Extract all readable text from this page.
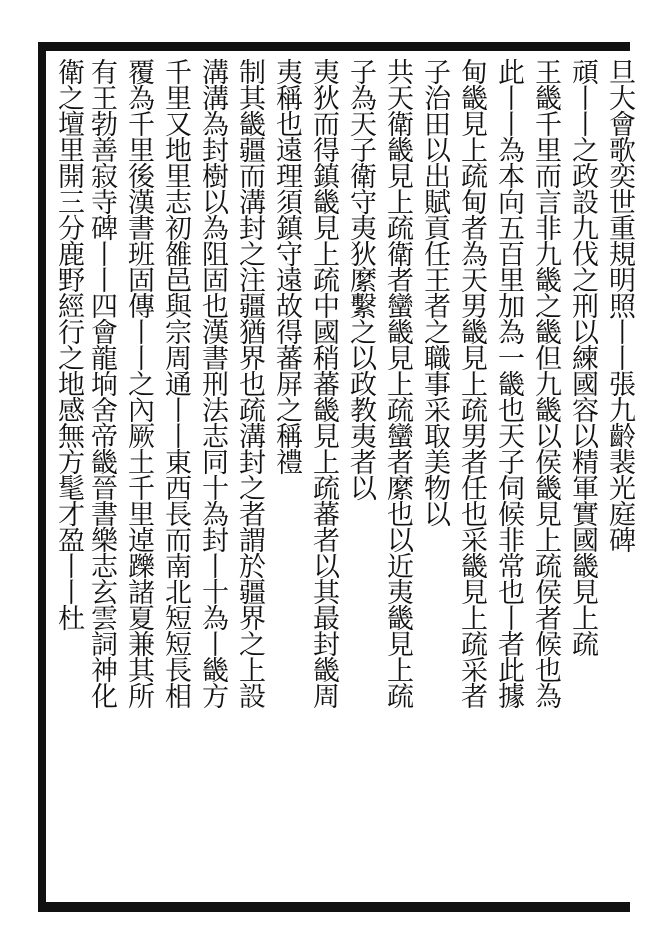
旦大會歌奕世重規明照丨丨張九齡裴光庭碑
頑丨丨之政設九伐之刑以練國容以精軍實國畿見上疏
王畿千里而言非九畿之畿但九畿以侯畿見上疏侯者候也為
此丨丨為本向五百里加為一畿也天子伺候非常也丨者此據
甸畿見上疏甸者為天男畿見上疏男者任也采畿見上疏采者
子治田以出賦貢任王者之職事采取美物以
共天衛畿見上疏衛者蠻畿見上疏蠻者縻也以近夷畿見上疏
子為天子衛守夷狄縻繫之以政教夷者以
夷狄而得鎮畿見上疏中國稍蕃畿見上疏蕃者以其最封畿周
夷稱也遠理須鎮守遠故得蕃屏之稱禮
制其畿疆而溝封之注疆猶界也疏溝封之者謂於疆界之上設
溝溝為封樹以為阻固也漢書刑法志同十為封丨十為丨畿方
千里又地里志初雒邑與宗周通丨丨東西長而南北短短長相
覆為千里後漢書班固傳丨丨之內厥土千里逴躒諸夏兼其所
有王勃善寂寺碑丨丨四會龍垧舍帝畿晉書樂志玄雲詞神化
衛之壇里開三分鹿野經行之地感無方髦才盈丨丨杜
